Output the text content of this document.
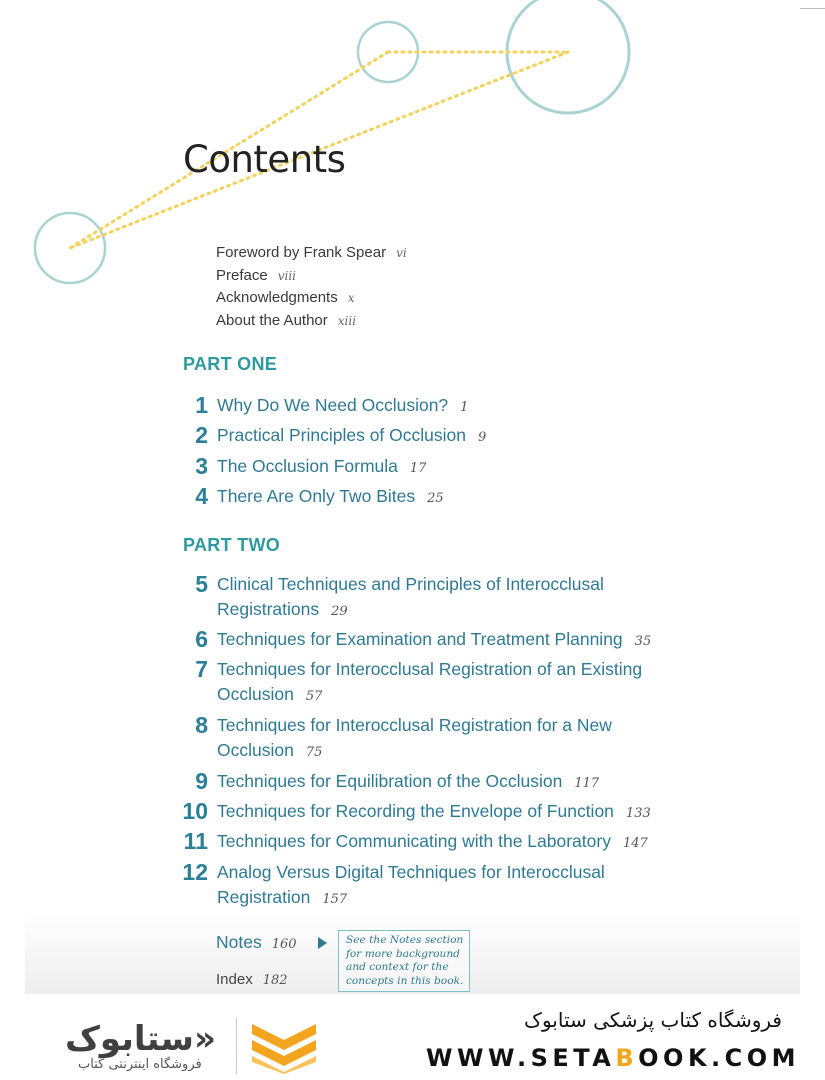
Contents
Foreword by Frank Spear vi
Preface viii
Acknowledgments x
About the Author xiii
PART ONE
1 Why Do We Need Occlusion? 1
2 Practical Principles of Occlusion 9
3 The Occlusion Formula 17
4 There Are Only Two Bites 25
PART TWO
5 Clinical Techniques and Principles of Interocclusal Registrations 29
6 Techniques for Examination and Treatment Planning 35
7 Techniques for Interocclusal Registration of an Existing Occlusion 57
8 Techniques for Interocclusal Registration for a New Occlusion 75
9 Techniques for Equilibration of the Occlusion 117
10 Techniques for Recording the Envelope of Function 133
11 Techniques for Communicating with the Laboratory 147
12 Analog Versus Digital Techniques for Interocclusal Registration 157
Notes 160
Index 182
See the Notes section for more background and context for the concepts in this book.
ستابوک»
فروشگاه اینترنتی کتاب
فروشگاه کتاب پزشکی ستابوک
WWW.SETABOOK.COM
